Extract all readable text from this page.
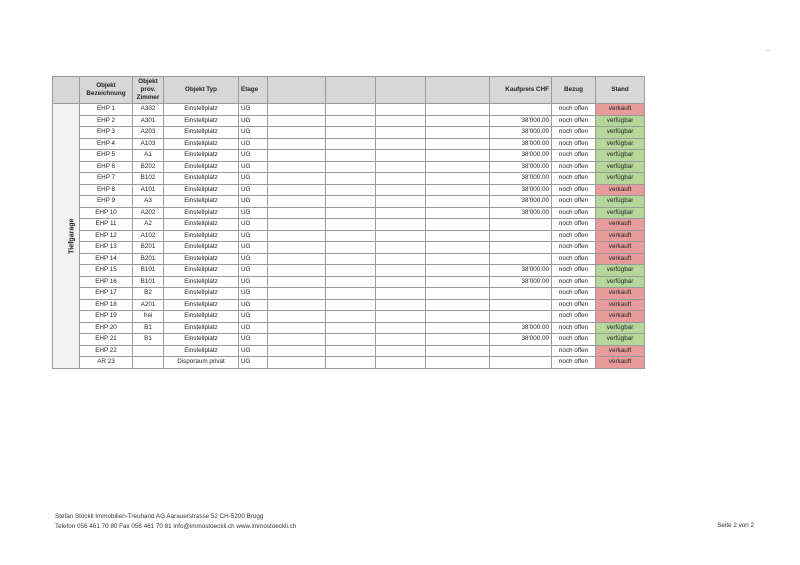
	Objekt Bezeichnung	Objekt prov. Zimmer	Objekt Typ	Etage					Kaufpreis CHF	Bezug	Stand
Tiefgarage	EHP 1	A302	Einstellplatz	UG						noch offen	verkauft
	EHP 2	A301	Einstellplatz	UG					38'000.00	noch offen	verfügbar
	EHP 3	A203	Einstellplatz	UG					38'000.00	noch offen	verfügbar
	EHP 4	A103	Einstellplatz	UG					38'000.00	noch offen	verfügbar
	EHP 5	A1	Einstellplatz	UG					38'000.00	noch offen	verfügbar
	EHP 6	B202	Einstellplatz	UG					38'000.00	noch offen	verfügbar
	EHP 7	B102	Einstellplatz	UG					38'000.00	noch offen	verfügbar
	EHP 8	A101	Einstellplatz	UG					38'000.00	noch offen	verkauft
	EHP 9	A3	Einstellplatz	UG					38'000.00	noch offen	verfügbar
	EHP 10	A202	Einstellplatz	UG					38'000.00	noch offen	verfügbar
	EHP 11	A2	Einstellplatz	UG						noch offen	verkauft
	EHP 12	A102	Einstellplatz	UG						noch offen	verkauft
	EHP 13	B201	Einstellplatz	UG						noch offen	verkauft
	EHP 14	B201	Einstellplatz	UG						noch offen	verkauft
	EHP 15	B101	Einstellplatz	UG					38'000.00	noch offen	verfügbar
	EHP 16	B101	Einstellplatz	UG					38'000.00	noch offen	verfügbar
	EHP 17	B2	Einstellplatz	UG						noch offen	verkauft
	EHP 18	A201	Einstellplatz	UG						noch offen	verkauft
	EHP 19	frei	Einstellplatz	UG						noch offen	verkauft
	EHP 20	B1	Einstellplatz	UG					38'000.00	noch offen	verfügbar
	EHP 21	B1	Einstellplatz	UG					38'000.00	noch offen	verfügbar
	EHP 22		Einstellplatz	UG						noch offen	verkauft
	AR 23		Disporaum privat	UG						noch offen	verkauft
Stefan Stöckli Immobilien-Treuhand AG Aarauerstrasse 52 CH-5200 Brugg
Telefon 056 461 70 80 Fax 056 461 70 81 info@immostoeckli.ch www.immostoeckli.ch	Seite 2 von 2
